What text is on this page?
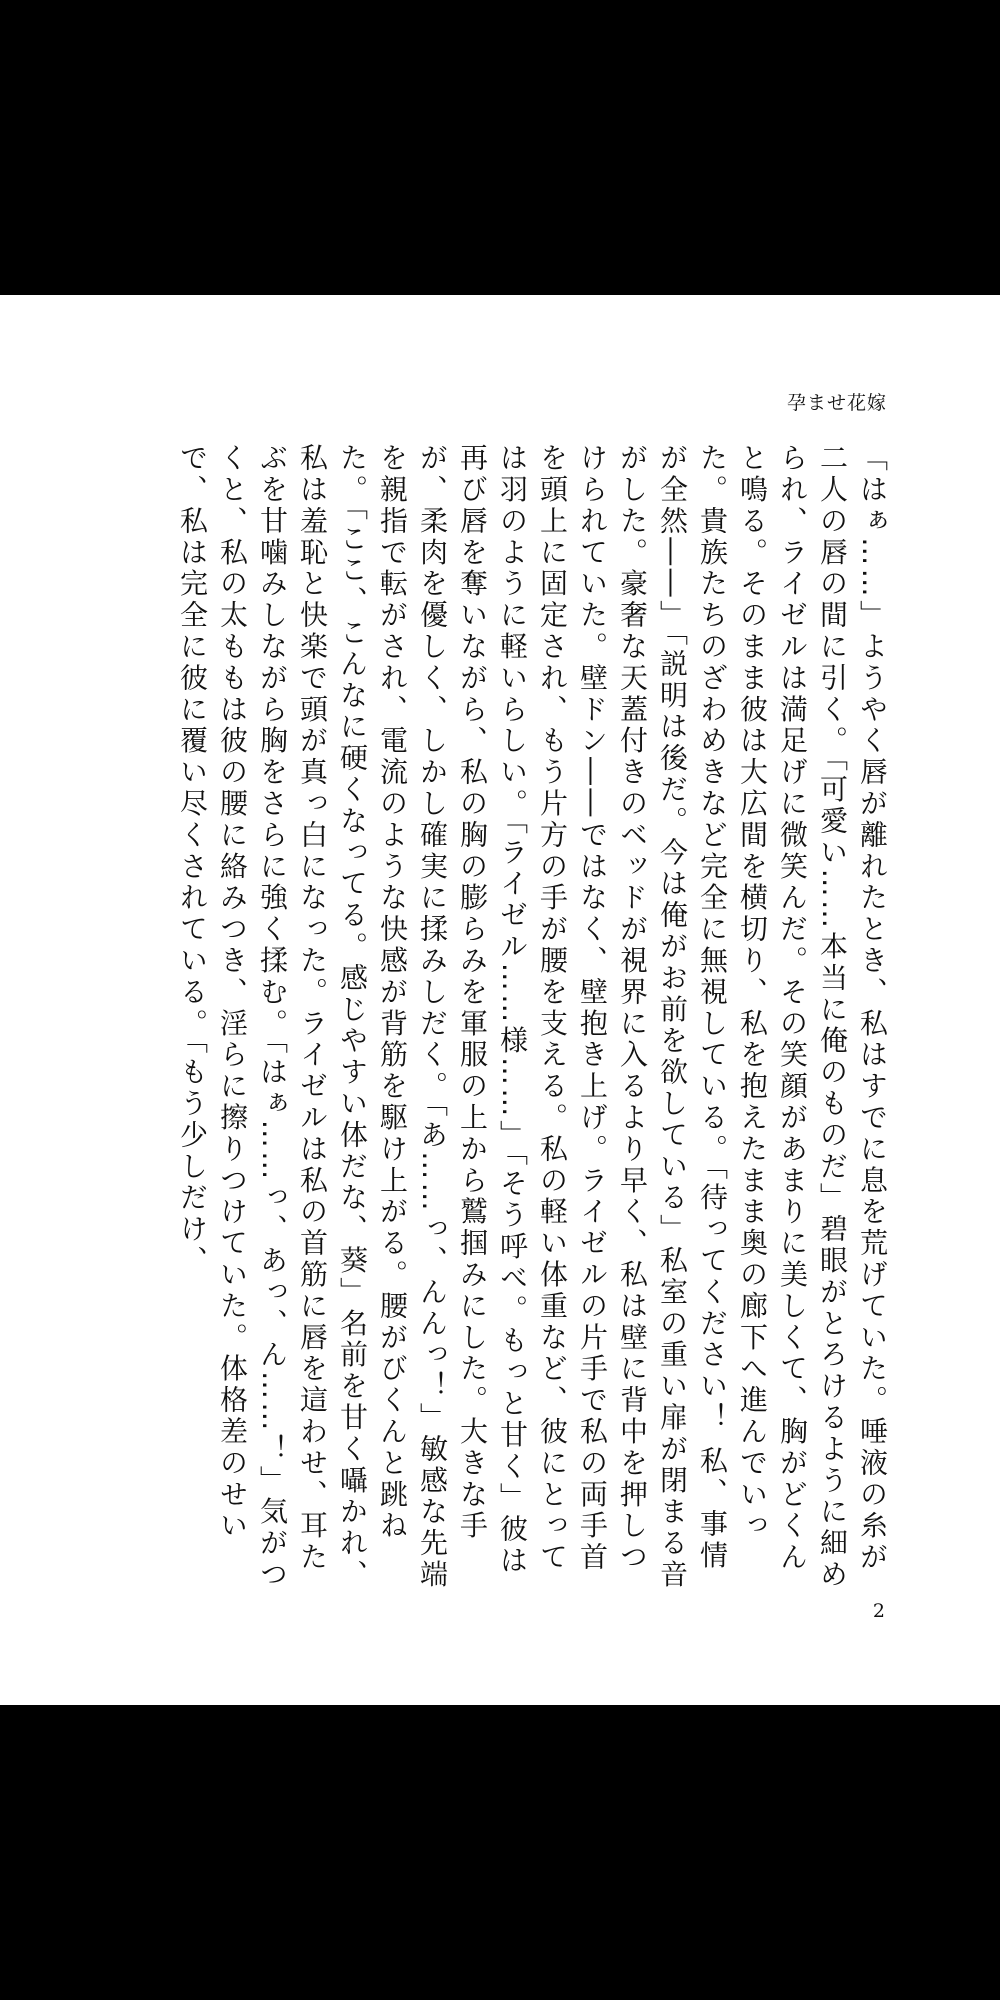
孕ませ花嫁

「はぁ……」ようやく唇が離れたとき、私はすでに息を荒げていた。唾液の糸が二人の唇の間に引く。「可愛い……本当に俺のものだ」碧眼がとろけるように細められ、ライゼルは満足げに微笑んだ。その笑顔があまりに美しくて、胸がどくんと鳴る。そのまま彼は大広間を横切り、私を抱えたまま奥の廊下へ進んでいった。貴族たちのざわめきなど完全に無視している。「待ってください！ 私、事情が全然――」「説明は後だ。今は俺がお前を欲している」私室の重い扉が閉まる音がした。豪奢な天蓋付きのベッドが視界に入るより早く、私は壁に背中を押しつけられていた。壁ドン――ではなく、壁抱き上げ。ライゼルの片手で私の両手首を頭上に固定され、もう片方の手が腰を支える。私の軽い体重など、彼にとっては羽のように軽いらしい。「ライゼル……様……」「そう呼べ。もっと甘く」彼は再び唇を奪いながら、私の胸の膨らみを軍服の上から鷲掴みにした。大きな手が、柔肉を優しく、しかし確実に揉みしだく。「あ……っ、んんっ！」敏感な先端を親指で転がされ、電流のような快感が背筋を駆け上がる。腰がびくんと跳ねた。「ここ、こんなに硬くなってる。感じやすい体だな、葵」名前を甘く囁かれ、私は羞恥と快楽で頭が真っ白になった。ライゼルは私の首筋に唇を這わせ、耳たぶを甘噛みしながら胸をさらに強く揉む。「はぁ……っ、あっ、ん……！」気がつくと、私の太ももは彼の腰に絡みつき、淫らに擦りつけていた。体格差のせいで、私は完全に彼に覆い尽くされている。「もう少しだけ、

2
